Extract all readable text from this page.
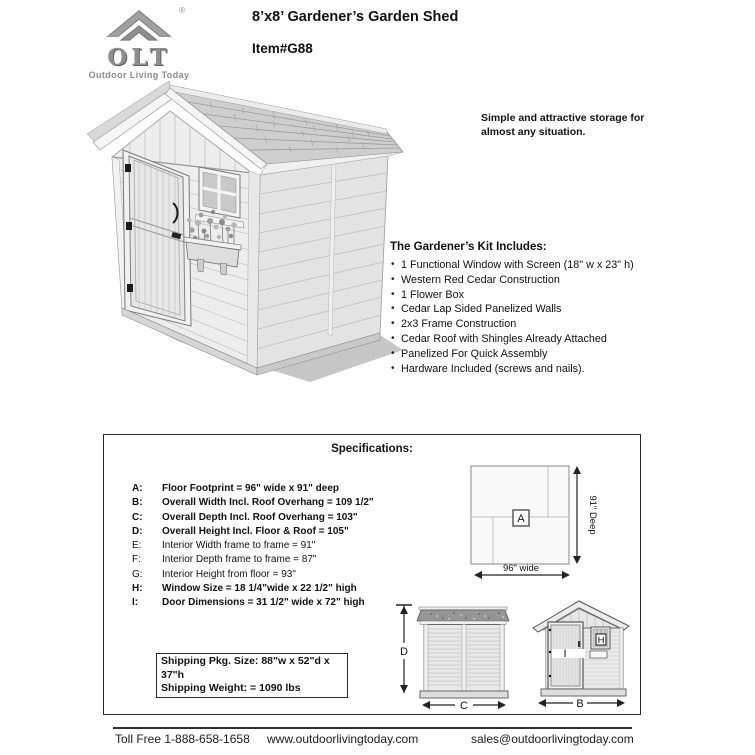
®
OLT
Outdoor Living Today
8’x8’ Gardener’s Garden Shed
Item#G88
Simple and attractive storage for almost any situation.
The Gardener’s Kit Includes:
• 1 Functional Window with Screen (18" w x 23" h)
• Western Red Cedar Construction
• 1 Flower Box
• Cedar Lap Sided Panelized Walls
• 2x3 Frame Construction
• Cedar Roof with Shingles Already Attached
• Panelized For Quick Assembly
• Hardware Included (screws and nails).
Specifications:
A: Floor Footprint = 96" wide x 91" deep
B: Overall Width Incl. Roof Overhang = 109 1/2"
C: Overall Depth Incl. Roof Overhang = 103"
D: Overall Height Incl. Floor & Roof = 105"
E: Interior Width frame to frame = 91"
F: Interior Depth frame to frame = 87"
G: Interior Height from floor = 93"
H: Window Size = 18 1/4"wide x 22 1/2" high
I: Door Dimensions = 31 1/2" wide x 72" high
Shipping Pkg. Size: 88"w x 52"d x 37"h
Shipping Weight: = 1090 lbs
A	91" Deep
96" wide
D
C
I
H
B
Toll Free 1-888-658-1658 www.outdoorlivingtoday.com	sales@outdoorlivingtoday.com
